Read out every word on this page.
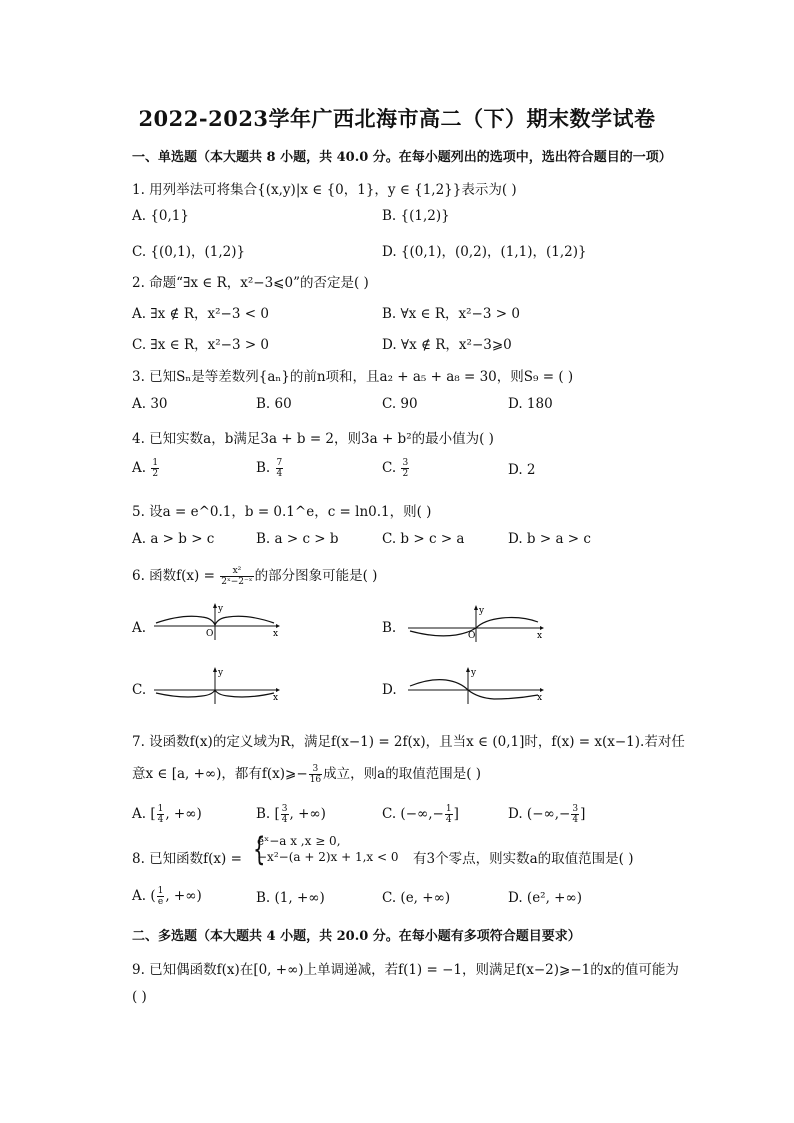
2022-2023学年广西北海市高二（下）期末数学试卷
一、单选题（本大题共 8 小题，共 40.0 分。在每小题列出的选项中，选出符合题目的一项）
1. 用列举法可将集合{(x,y)|x ∈ {0，1}，y ∈ {1,2}}表示为( )
A. {0,1}	B. {(1,2)}
C. {(0,1)，(1,2)}	D. {(0,1)，(0,2)，(1,1)，(1,2)}
2. 命题“∃x ∈ R，x²−3⩽0”的否定是( )
A. ∃x ∉ R，x²−3 < 0	B. ∀x ∈ R，x²−3 > 0
C. ∃x ∈ R，x²−3 > 0	D. ∀x ∉ R，x²−3⩾0
3. 已知Sₙ是等差数列{aₙ}的前n项和，且a₂ + a₅ + a₈ = 30，则S₉ = ( )
A. 30	B. 60	C. 90	D. 180
4. 已知实数a，b满足3a + b = 2，则3a + b²的最小值为( )
A. $\frac{1}{2}$	B. $\frac{7}{4}$	C. $\frac{3}{2}$	D. 2
5. 设a = e^0.1，b = 0.1^e，c = ln0.1，则( )
A. a > b > c	B. a > c > b	C. b > c > a	D. b > a > c
6. 函数$f(x) = \frac{\text{x²}}{\text{2ˣ−2⁻ˣ}}$ 的部分图象可能是( )
A.	B.
C.	D.
y
x
O
y
x
O
y
x
y
x
7. 设函数f(x)的定义域为R，满足f(x−1) = 2f(x)，且当x ∈ (0,1]时，f(x) = x(x−1).若对任
意x ∈ [a, +∞)，都有f(x)⩾− $\frac{3}{16}$ 成立，则a的取值范围是( )
A. [ $\frac{1}{4}$ , +∞)	B. [ $\frac{3}{4}$ , +∞)	C. (−∞,− $\frac{1}{4}$ ]	D. (−∞,− $\frac{3}{4}$ ]
8. 已知函数f(x) = {
eˣ−a x ,x ≥ 0,
−x²−(a + 2)x + 1,x < 0 有3个零点，则实数a的取值范围是( )
A. ( $\frac{1}{e}$ , +∞)	B. (1, +∞)	C. (e, +∞)	D. (e², +∞)
二、多选题（本大题共 4 小题，共 20.0 分。在每小题有多项符合题目要求）
9. 已知偶函数f(x)在[0, +∞)上单调递减，若f(1) = −1，则满足f(x−2)⩾−1的x的值可能为
( )
